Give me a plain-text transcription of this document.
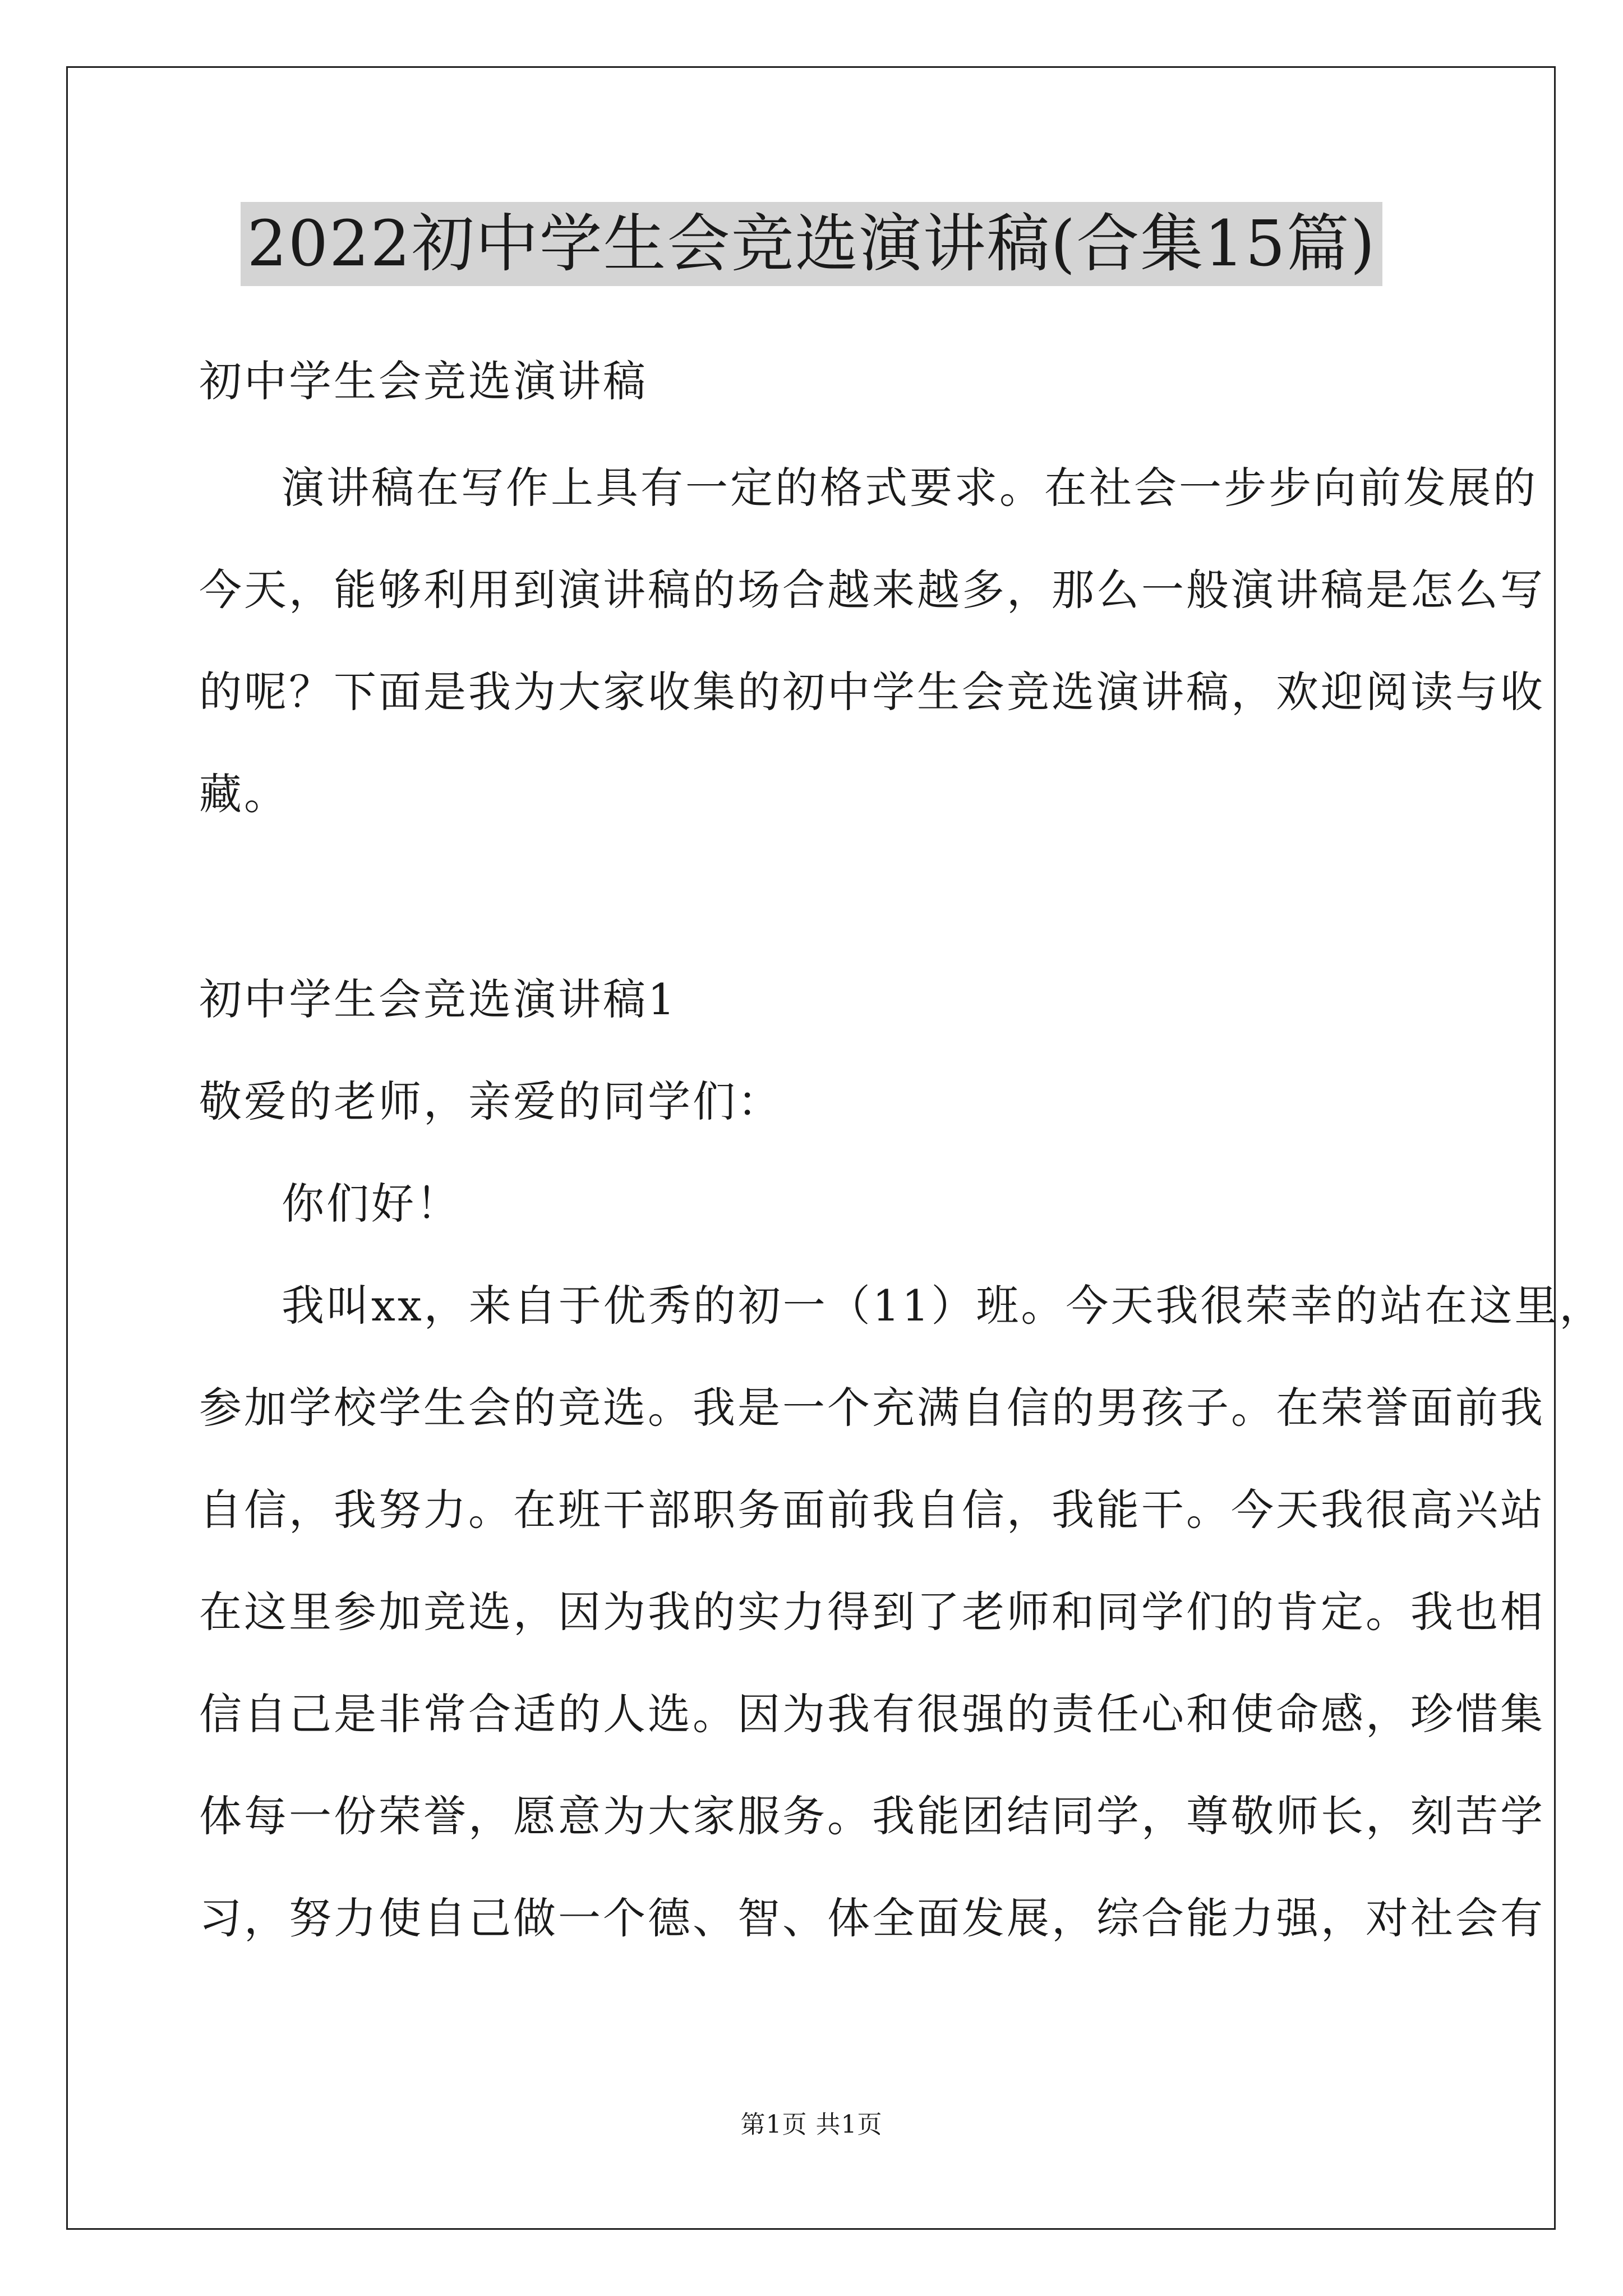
2022初中学生会竞选演讲稿(合集15篇)
初中学生会竞选演讲稿
演讲稿在写作上具有一定的格式要求。在社会一步步向前发展的
今天，能够利用到演讲稿的场合越来越多，那么一般演讲稿是怎么写
的呢？下面是我为大家收集的初中学生会竞选演讲稿，欢迎阅读与收
藏。
初中学生会竞选演讲稿1
敬爱的老师，亲爱的同学们：
你们好！
我叫xx，来自于优秀的初一（11）班。今天我很荣幸的站在这里，
参加学校学生会的竞选。我是一个充满自信的男孩子。在荣誉面前我
自信，我努力。在班干部职务面前我自信，我能干。今天我很高兴站
在这里参加竞选，因为我的实力得到了老师和同学们的肯定。我也相
信自己是非常合适的人选。因为我有很强的责任心和使命感，珍惜集
体每一份荣誉，愿意为大家服务。我能团结同学，尊敬师长，刻苦学
习，努力使自己做一个德、智、体全面发展，综合能力强，对社会有
第1页 共1页
